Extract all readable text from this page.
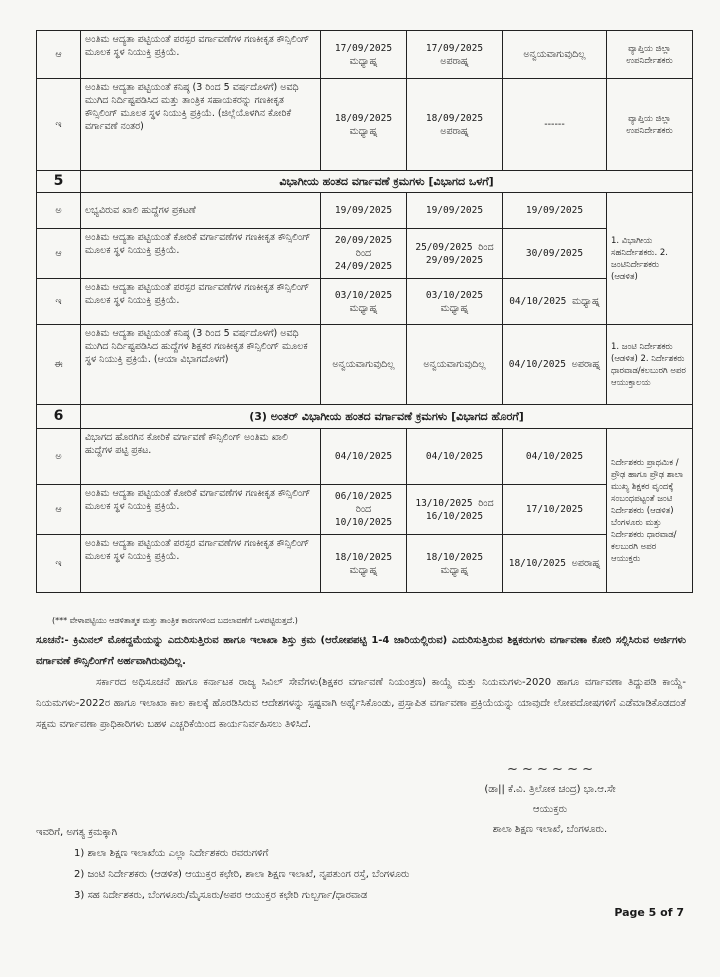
ಆ	ಅಂತಿಮ ಆದ್ಯತಾ ಪಟ್ಟಿಯಂತೆ ಪರಸ್ಪರ ವರ್ಗಾವಣೆಗಳ ಗಣಕೀಕೃತ ಕೌನ್ಸಿಲಿಂಗ್ ಮೂಲಕ ಸ್ಥಳ ನಿಯುಕ್ತಿ ಪ್ರಕ್ರಿಯೆ.	17/09/2025 ಮಧ್ಯಾಹ್ನ	17/09/2025 ಅಪರಾಹ್ನ	ಅನ್ವಯವಾಗುವುದಿಲ್ಲ	ವ್ಯಾಪ್ತಿಯ ಜಿಲ್ಲಾ ಉಪನಿರ್ದೇಶಕರು
ಇ	ಅಂತಿಮ ಆದ್ಯತಾ ಪಟ್ಟಿಯಂತೆ ಕನಿಷ್ಠ (3 ರಿಂದ 5 ವರ್ಷದೊಳಗೆ) ಅವಧಿ ಮುಗಿದ ನಿರ್ದಿಷ್ಟಪಡಿಸಿದ ಮತ್ತು ತಾಂತ್ರಿಕ ಸಹಾಯಕರನ್ನು ಗಣಕೀಕೃತ ಕೌನ್ಸಿಲಿಂಗ್ ಮೂಲಕ ಸ್ಥಳ ನಿಯುಕ್ತಿ ಪ್ರಕ್ರಿಯೆ. (ಜಿಲ್ಲೆಯೊಳಗಿನ ಕೋರಿಕೆ ವರ್ಗಾವಣೆ ನಂತರ)	18/09/2025 ಮಧ್ಯಾಹ್ನ	18/09/2025 ಅಪರಾಹ್ನ	------	ವ್ಯಾಪ್ತಿಯ ಜಿಲ್ಲಾ ಉಪನಿರ್ದೇಶಕರು
5	ವಿಭಾಗೀಯ ಹಂತದ ವರ್ಗಾವಣೆ ಕ್ರಮಗಳು [ವಿಭಾಗದ ಒಳಗೆ]				
ಅ	ಲಭ್ಯವಿರುವ ಖಾಲಿ ಹುದ್ದೆಗಳ ಪ್ರಕಟಣೆ	19/09/2025	19/09/2025	19/09/2025	1. ವಿಭಾಗೀಯ ಸಹನಿರ್ದೇಶಕರು. 2. ಜಂಟಿನಿರ್ದೇಶಕರು (ಆಡಳಿತ)
ಆ	ಅಂತಿಮ ಆದ್ಯತಾ ಪಟ್ಟಿಯಂತೆ ಕೋರಿಕೆ ವರ್ಗಾವಣೆಗಳ ಗಣಕೀಕೃತ ಕೌನ್ಸಿಲಿಂಗ್ ಮೂಲಕ ಸ್ಥಳ ನಿಯುಕ್ತಿ ಪ್ರಕ್ರಿಯೆ.	20/09/2025 ರಿಂದ 24/09/2025	25/09/2025 ರಿಂದ 29/09/2025	30/09/2025	
ಇ	ಅಂತಿಮ ಆದ್ಯತಾ ಪಟ್ಟಿಯಂತೆ ಪರಸ್ಪರ ವರ್ಗಾವಣೆಗಳ ಗಣಕೀಕೃತ ಕೌನ್ಸಿಲಿಂಗ್ ಮೂಲಕ ಸ್ಥಳ ನಿಯುಕ್ತಿ ಪ್ರಕ್ರಿಯೆ.	03/10/2025 ಮಧ್ಯಾಹ್ನ	03/10/2025 ಮಧ್ಯಾಹ್ನ	04/10/2025 ಮಧ್ಯಾಹ್ನ	
ಈ	ಅಂತಿಮ ಆದ್ಯತಾ ಪಟ್ಟಿಯಂತೆ ಕನಿಷ್ಠ (3 ರಿಂದ 5 ವರ್ಷದೊಳಗೆ) ಅವಧಿ ಮುಗಿದ ನಿರ್ದಿಷ್ಟಪಡಿಸಿದ ಹುದ್ದೆಗಳ ಶಿಕ್ಷಕರ ಗಣಕೀಕೃತ ಕೌನ್ಸಿಲಿಂಗ್ ಮೂಲಕ ಸ್ಥಳ ನಿಯುಕ್ತಿ ಪ್ರಕ್ರಿಯೆ. (ಆಯಾ ವಿಭಾಗದೊಳಗೆ)	ಅನ್ವಯವಾಗುವುದಿಲ್ಲ	ಅನ್ವಯವಾಗುವುದಿಲ್ಲ	04/10/2025 ಅಪರಾಹ್ನ	1. ಜಂಟಿ ನಿರ್ದೇಶಕರು (ಆಡಳಿತ) 2. ನಿರ್ದೇಶಕರು ಧಾರವಾಡ/ಕಲಬುರಗಿ ಅಪರ ಆಯುಕ್ತಾಲಯ
6	(3) ಅಂತರ್ ವಿಭಾಗೀಯ ಹಂತದ ವರ್ಗಾವಣೆ ಕ್ರಮಗಳು [ವಿಭಾಗದ ಹೊರಗೆ]				
ಅ	ವಿಭಾಗದ ಹೊರಗಿನ ಕೋರಿಕೆ ವರ್ಗಾವಣೆ ಕೌನ್ಸಿಲಿಂಗ್ ಅಂತಿಮ ಖಾಲಿ ಹುದ್ದೆಗಳ ಪಟ್ಟಿ ಪ್ರಕಟ.	04/10/2025	04/10/2025	04/10/2025	ನಿರ್ದೇಶಕರು ಪ್ರಾಥಮಿಕ / ಪ್ರೌಢ ಹಾಗೂ ಪ್ರೌಢ ಶಾಲಾ ಮುಖ್ಯ ಶಿಕ್ಷಕರ ವೃಂದಕ್ಕೆ ಸಂಬಂಧಪಟ್ಟಂತೆ ಜಂಟಿ ನಿರ್ದೇಶಕರು (ಆಡಳಿತ) ಬೆಂಗಳೂರು ಮತ್ತು ನಿರ್ದೇಶಕರು ಧಾರವಾಡ/ಕಲಬುರಗಿ ಅಪರ ಆಯುಕ್ತರು
ಆ	ಅಂತಿಮ ಆದ್ಯತಾ ಪಟ್ಟಿಯಂತೆ ಕೋರಿಕೆ ವರ್ಗಾವಣೆಗಳ ಗಣಕೀಕೃತ ಕೌನ್ಸಿಲಿಂಗ್ ಮೂಲಕ ಸ್ಥಳ ನಿಯುಕ್ತಿ ಪ್ರಕ್ರಿಯೆ.	06/10/2025 ರಿಂದ 10/10/2025	13/10/2025 ರಿಂದ 16/10/2025	17/10/2025	
ಇ	ಅಂತಿಮ ಆದ್ಯತಾ ಪಟ್ಟಿಯಂತೆ ಪರಸ್ಪರ ವರ್ಗಾವಣೆಗಳ ಗಣಕೀಕೃತ ಕೌನ್ಸಿಲಿಂಗ್ ಮೂಲಕ ಸ್ಥಳ ನಿಯುಕ್ತಿ ಪ್ರಕ್ರಿಯೆ.	18/10/2025 ಮಧ್ಯಾಹ್ನ	18/10/2025 ಮಧ್ಯಾಹ್ನ	18/10/2025 ಅಪರಾಹ್ನ	
(*** ವೇಳಾಪಟ್ಟಿಯು ಆಡಳಿತಾತ್ಮಕ ಮತ್ತು ತಾಂತ್ರಿಕ ಕಾರಣಗಳಿಂದ ಬದಲಾವಣೆಗೆ ಒಳಪಟ್ಟಿರುತ್ತದೆ.)
ಸೂಚನೆ:- ಕ್ರಿಮಿನಲ್ ಮೊಕದ್ದಮೆಯನ್ನು ಎದುರಿಸುತ್ತಿರುವ ಹಾಗೂ ಇಲಾಖಾ ಶಿಸ್ತು ಕ್ರಮ (ಆರೋಪಪಟ್ಟಿ 1-4 ಜಾರಿಯಲ್ಲಿರುವ) ಎದುರಿಸುತ್ತಿರುವ ಶಿಕ್ಷಕರುಗಳು ವರ್ಗಾವಣಾ ಕೋರಿ ಸಲ್ಲಿಸಿರುವ ಅರ್ಜಿಗಳು ವರ್ಗಾವಣೆ ಕೌನ್ಸಿಲಿಂಗ್‌ಗೆ ಅರ್ಹವಾಗಿರುವುದಿಲ್ಲ.
ಸರ್ಕಾರದ ಅಧಿಸೂಚನೆ ಹಾಗೂ ಕರ್ನಾಟಕ ರಾಜ್ಯ ಸಿವಿಲ್ ಸೇವೆಗಳು(ಶಿಕ್ಷಕರ ವರ್ಗಾವಣೆ ನಿಯಂತ್ರಣ) ಕಾಯ್ದೆ ಮತ್ತು ನಿಯಮಗಳು-2020 ಹಾಗೂ ವರ್ಗಾವಣಾ ತಿದ್ದುಪಡಿ ಕಾಯ್ದೆ-ನಿಯಮಗಳು-2022ರ ಹಾಗೂ ಇಲಾಖಾ ಕಾಲ ಕಾಲಕ್ಕೆ ಹೊರಡಿಸಿರುವ ಆದೇಶಗಳನ್ನು ಸ್ಪಷ್ಟವಾಗಿ ಅರ್ಥೈಸಿಕೊಂಡು, ಪ್ರಸ್ತಾಪಿತ ವರ್ಗಾವಣಾ ಪ್ರಕ್ರಿಯೆಯನ್ನು ಯಾವುದೇ ಲೋಪದೋಷಗಳಿಗೆ ಎಡೆಮಾಡಿಕೊಡದಂತೆ ಸಕ್ಷಮ ವರ್ಗಾವಣಾ ಪ್ರಾಧಿಕಾರಿಗಳು ಬಹಳ ಎಚ್ಚರಿಕೆಯಿಂದ ಕಾರ್ಯನಿರ್ವಹಿಸಲು ತಿಳಿಸಿದೆ.
~ ~ ~ ~ ~ ~
(ಡಾ|| ಕೆ.ವಿ. ತ್ರಿಲೋಕ ಚಂದ್ರ) ಭಾ.ಆ.ಸೇ
ಆಯುಕ್ತರು
ಶಾಲಾ ಶಿಕ್ಷಣ ಇಲಾಖೆ, ಬೆಂಗಳೂರು.
ಇವರಿಗೆ, ಅಗತ್ಯ ಕ್ರಮಕ್ಕಾಗಿ
1) ಶಾಲಾ ಶಿಕ್ಷಣ ಇಲಾಖೆಯ ಎಲ್ಲಾ ನಿರ್ದೇಶಕರು ರವರುಗಳಿಗೆ
2) ಜಂಟಿ ನಿರ್ದೇಶಕರು (ಆಡಳಿತ) ಆಯುಕ್ತರ ಕಛೇರಿ, ಶಾಲಾ ಶಿಕ್ಷಣ ಇಲಾಖೆ, ನೃಪತುಂಗ ರಸ್ತೆ, ಬೆಂಗಳೂರು
3) ಸಹ ನಿರ್ದೇಶಕರು, ಬೆಂಗಳೂರು/ಮೈಸೂರು/ಅಪರ ಆಯುಕ್ತರ ಕಛೇರಿ ಗುಲ್ಬರ್ಗಾ/ಧಾರವಾಡ
Page 5 of 7
